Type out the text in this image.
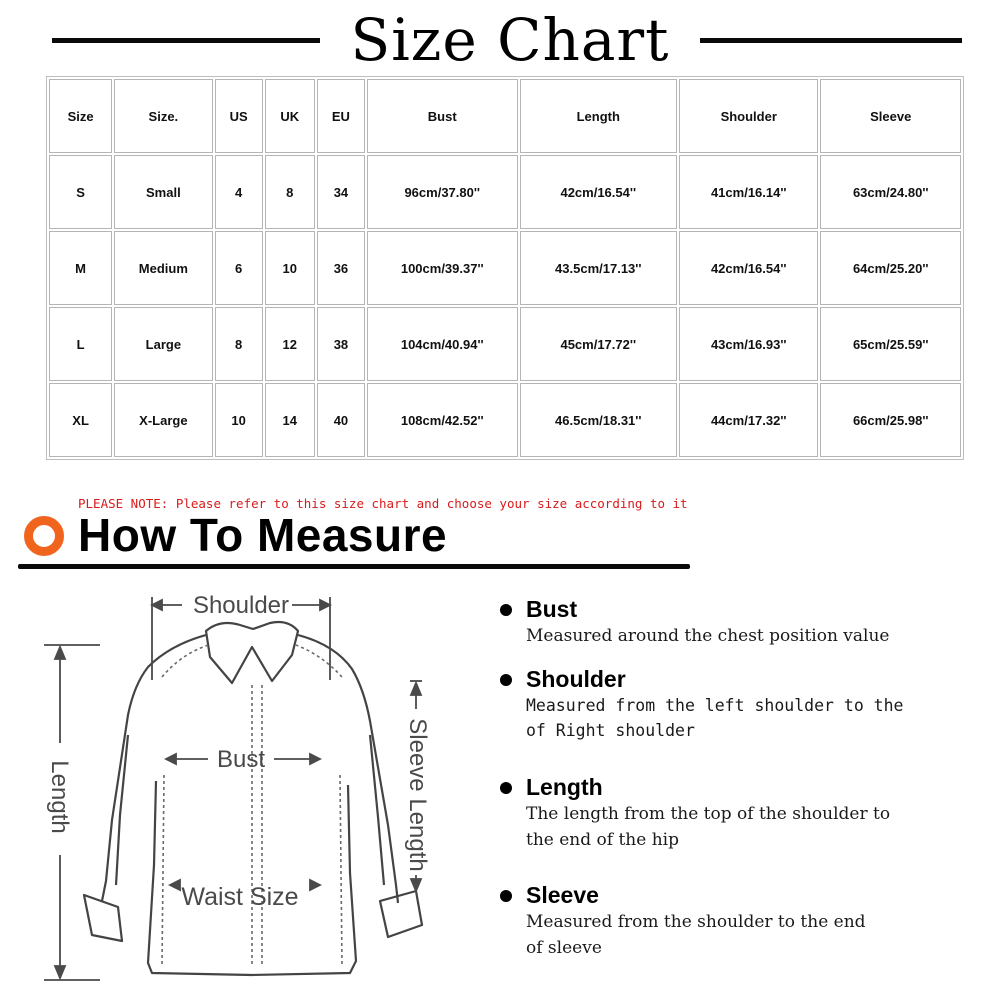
Size Chart
Size	Size.	US	UK	EU	Bust	Length	Shoulder	Sleeve
S	Small	4	8	34	96cm/37.80''	42cm/16.54''	41cm/16.14''	63cm/24.80''
M	Medium	6	10	36	100cm/39.37''	43.5cm/17.13''	42cm/16.54''	64cm/25.20''
L	Large	8	12	38	104cm/40.94''	45cm/17.72''	43cm/16.93''	65cm/25.59''
XL	X-Large	10	14	40	108cm/42.52''	46.5cm/18.31''	44cm/17.32''	66cm/25.98''
PLEASE NOTE: Please refer to this size chart and choose your size according to it
How To Measure
Shoulder
Bust
Waist Size
Length	Sleeve Length
Bust
Measured around the chest position value
Shoulder
Measured from the left shoulder to the
of Right shoulder
Length
The length from the top of the shoulder to
the end of the hip
Sleeve
Measured from the shoulder to the end
of sleeve
